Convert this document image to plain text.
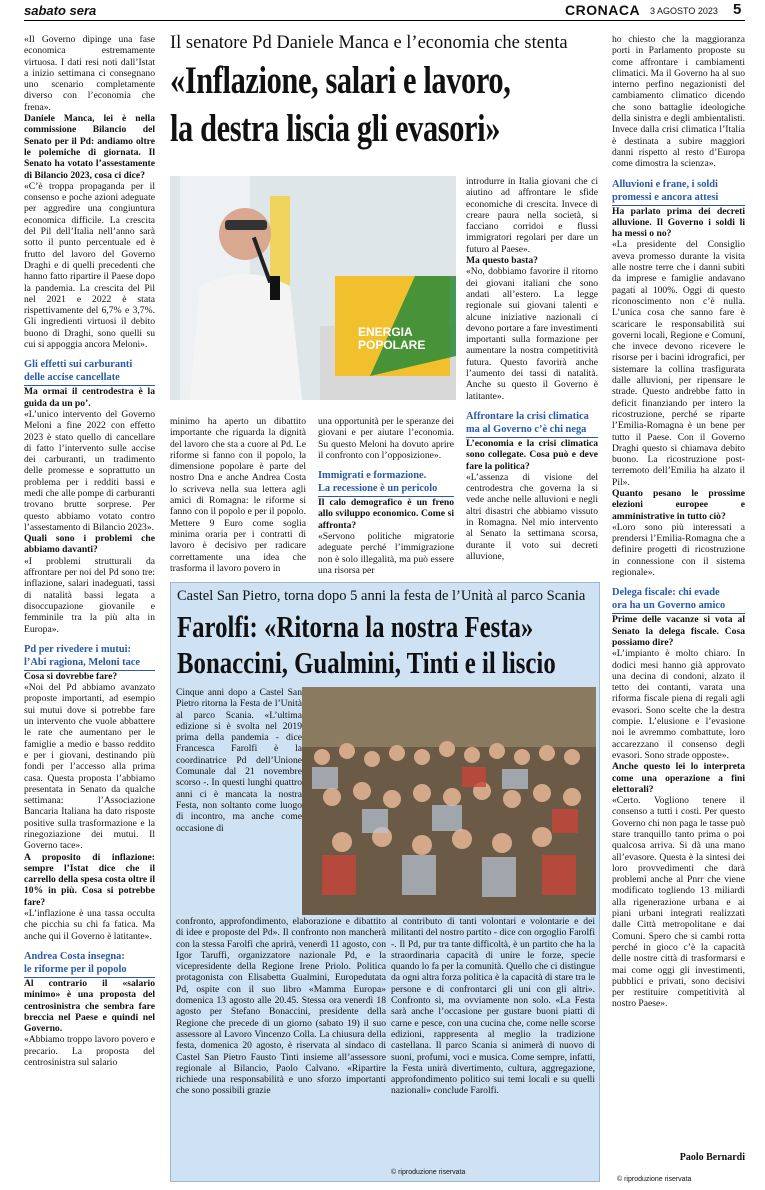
sabato sera	CRONACA 3 AGOSTO 2023 5
Il senatore Pd Daniele Manca e l’economia che stenta
«Inflazione, salari e lavoro,
la destra liscia gli evasori»
ENERGIA POPOLARE

«Il Governo dipinge una fase economica estremamente virtuosa. I dati resi noti dall’Istat a inizio settimana ci consegnano uno scenario completamente diverso con l’economia che frena».

Daniele Manca, lei è nella commissione Bilancio del Senato per il Pd: andiamo oltre le polemiche di giornata. Il Senato ha votato l’assestamente di Bilancio 2023, cosa ci dice?

«C’è troppa propaganda per il consenso e poche azioni adeguate per aggredire una congiuntura economica difficile. La crescita del Pil dell’Italia nell’anno sarà sotto il punto percentuale ed è frutto del lavoro del Governo Draghi e di quelli precedenti che hanno fatto ripartire il Paese dopo la pandemia. La crescita del Pil nel 2021 e 2022 è stata rispettivamente del 6,7% e 3,7%. Gli ingredienti virtuosi il debito buono di Draghi, sono quelli su cui si appoggia ancora Meloni».

Gli effetti sui carburanti
delle accise cancellate

Ma ormai il centrodestra è la guida da un po’.

«L’unico intervento del Governo Meloni a fine 2022 con effetto 2023 è stato quello di cancellare di fatto l’intervento sulle accise dei carburanti, un tradimento delle promesse e soprattutto un problema per i redditi bassi e medi che alle pompe di carburanti trovano brutte sorprese. Per questo abbiamo votato contro l’assestamento di Bilancio 2023».

Quali sono i problemi che abbiamo davanti?

«I problemi strutturali da affrontare per noi del Pd sono tre: inflazione, salari inadeguati, tassi di natalità bassi legata a disoccupazione giovanile e femminile tra la più alta in Europa».

Pd per rivedere i mutui:
l’Abi ragiona, Meloni tace

Cosa si dovrebbe fare?

«Noi del Pd abbiamo avanzato proposte importanti, ad esempio sui mutui dove si potrebbe fare un intervento che vuole abbattere le rate che aumentano per le famiglie a medio e basso reddito e per i giovani, destinando più fondi per l’accesso alla prima casa. Questa proposta l’abbiamo presentata in Senato da qualche settimana: l’Associazione Bancaria Italiana ha dato risposte positive sulla trasformazione e la rinegoziazione dei mutui. Il Governo tace».

A proposito di inflazione: sempre l’Istat dice che il carrello della spesa costa oltre il 10% in più. Cosa si potrebbe fare?

«L’inflazione è una tassa occulta che picchia su chi fa fatica. Ma anche qui il Governo è latitante».

Andrea Costa insegna:
le riforme per il popolo

Al contrario il «salario minimo» è una proposta del centrosinistra che sembra fare breccia nel Paese e quindi nel Governo.

«Abbiamo troppo lavoro povero e precario. La proposta del centrosinistra sul salario

minimo ha aperto un dibattito importante che riguarda la dignità del lavoro che sta a cuore al Pd. Le riforme si fanno con il popolo, la dimensione popolare è parte del nostro Dna e anche Andrea Costa lo scriveva nella sua lettera agli amici di Romagna: le riforme si fanno con il popolo e per il popolo. Mettere 9 Euro come soglia minima oraria per i contratti di lavoro è decisivo per radicare correttamente una idea che trasforma il lavoro povero in

una opportunità per le speranze dei giovani e per aiutare l’economia. Su questo Meloni ha dovuto aprire il confronto con l’opposizione».

Immigrati e formazione.
La recessione è un pericolo

Il calo demografico è un freno allo sviluppo economico. Come si affronta?

«Servono politiche migratorie adeguate perché l’immigrazione non è solo illegalità, ma può essere una risorsa per

introdurre in Italia giovani che ci aiutino ad affrontare le sfide economiche di crescita. Invece di creare paura nella società, si facciano corridoi e flussi immigratori regolari per dare un futuro al Paese».

Ma questo basta?

«No, dobbiamo favorire il ritorno dei giovani italiani che sono andati all’estero. La legge regionale sui giovani talenti e alcune iniziative nazionali ci devono portare a fare investimenti importanti sulla formazione per aumentare la nostra competitività futura. Questo favorirà anche l’aumento dei tassi di natalità. Anche su questo il Governo è latitante».

Affrontare la crisi climatica
ma al Governo c’è chi nega

L’economia e la crisi climatica sono collegate. Cosa può e deve fare la politica?

«L’assenza di visione del centrodestra che governa la si vede anche nelle alluvioni e negli altri disastri che abbiamo vissuto in Romagna. Nel mio intervento al Senato la settimana scorsa, durante il voto sui decreti alluvione,

ho chiesto che la maggioranza porti in Parlamento proposte su come affrontare i cambiamenti climatici. Ma il Governo ha al suo interno perfino negazionisti del cambiamento climatico dicendo che sono battaglie ideologiche della sinistra e degli ambientalisti. Invece dalla crisi climatica l’Italia è destinata a subire maggiori danni rispetto al resto d’Europa come dimostra la scienza».

Alluvioni e frane, i soldi
promessi e ancora attesi

Ha parlato prima dei decreti alluvione. Il Governo i soldi li ha messi o no?

«La presidente del Consiglio aveva promesso durante la visita alle nostre terre che i danni subiti da imprese e famiglie andavano pagati al 100%. Oggi di questo riconoscimento non c’è nulla. L’unica cosa che sanno fare è scaricare le responsabilità sui governi locali, Regione e Comuni, che invece devono ricevere le risorse per i bacini idrografici, per sistemare la collina trasfigurata dalle alluvioni, per ripensare le strade. Questo andrebbe fatto in deficit finanziando per intero la ricostruzione, perché se riparte l’Emilia-Romagna è un bene per tutto il Paese. Con il Governo Draghi questo si chiamava debito buono. La ricostruzione post-terremoto dell’Emilia ha alzato il Pil».

Quanto pesano le prossime elezioni europee e amministrative in tutto ciò?

«Loro sono più interessati a prendersi l’Emilia-Romagna che a definire progetti di ricostruzione in connessione con il sistema regionale».

Delega fiscale: chi evade
ora ha un Governo amico

Prime delle vacanze si vota al Senato la delega fiscale. Cosa possiamo dire?

«L’impianto è molto chiaro. In dodici mesi hanno già approvato una decina di condoni, alzato il tetto dei contanti, varata una riforma fiscale piena di regali agli evasori. Sono scelte che la destra compie. L’elusione e l’evasione noi le avremmo combattute, loro accarezzano il consenso degli evasori. Sono strade opposte».

Anche questo lei lo interpreta come una operazione a fini elettorali?

«Certo. Vogliono tenere il consenso a tutti i costi. Per questo Governo chi non paga le tasse può stare tranquillo tanto prima o poi qualcosa arriva. Si dà una mano all’evasore. Questa è la sintesi dei loro provvedimenti che darà problemi anche al Pnrr che viene modificato togliendo 13 miliardi alla rigenerazione urbana e ai piani urbani integrati realizzati dalle Città metropolitane e dai Comuni. Spero che si cambi rotta perché in gioco c’è la capacità delle nostre città di trasformarsi e mai come oggi gli investimenti, pubblici e privati, sono decisivi per restituire competitività al nostro Paese».

Paolo Bernardi
© riproduzione riservata
Castel San Pietro, torna dopo 5 anni la festa de l’Unità al parco Scania
Farolfi: «Ritorna la nostra Festa»
Bonaccini, Gualmini, Tinti e il liscio
Cinque anni dopo a Castel San Pietro ritorna la Festa de l’Unità al parco Scania. «L’ultima edizione si è svolta nel 2019 prima della pandemia - dice Francesca Farolfi è la coordinatrice Pd dell’Unione Comunale dal 21 novembre scorso -. In questi lunghi quattro anni ci è mancata la nostra Festa, non soltanto come luogo di incontro, ma anche come occasione di
confronto, approfondimento, elaborazione e dibattito di idee e proposte del Pd». Il confronto non mancherà con la stessa Farolfi che aprirà, venerdì 11 agosto, con Igor Taruffi, organizzatore nazionale Pd, e la vicepresidente della Regione Irene Priolo. Politica protagonista con Elisabetta Gualmini, Europedutata Pd, ospite con il suo libro «Mamma Europa» domenica 13 agosto alle 20.45. Stessa ora venerdì 18 agosto per Stefano Bonaccini, presidente della Regione che precede di un giorno (sabato 19) il suo assessore al Lavoro Vincenzo Colla. La chiusura della festa, domenica 20 agosto, è riservata al sindaco di Castel San Pietro Fausto Tinti insieme all’assessore regionale al Bilancio, Paolo Calvano. «Ripartire richiede una responsabilità e uno sforzo importanti che sono possibili grazie
al contributo di tanti volontari e volontarie e dei militanti del nostro partito - dice con orgoglio Farolfi -. Il Pd, pur tra tante difficoltà, è un partito che ha la straordinaria capacità di unire le forze, specie quando lo fa per la comunità. Quello che ci distingue da ogni altra forza politica è la capacità di stare tra le persone e di confrontarci gli uni con gli altri». Confronto sì, ma ovviamente non solo. «La Festa sarà anche l’occasione per gustare buoni piatti di carne e pesce, con una cucina che, come nelle scorse edizioni, rappresenta al meglio la tradizione castellana. Il parco Scania si animerà di nuovo di suoni, profumi, voci e musica. Come sempre, infatti, la Festa unirà divertimento, cultura, aggregazione, approfondimento politico sui temi locali e su quelli nazionali» conclude Farolfi.
© riproduzione riservata
